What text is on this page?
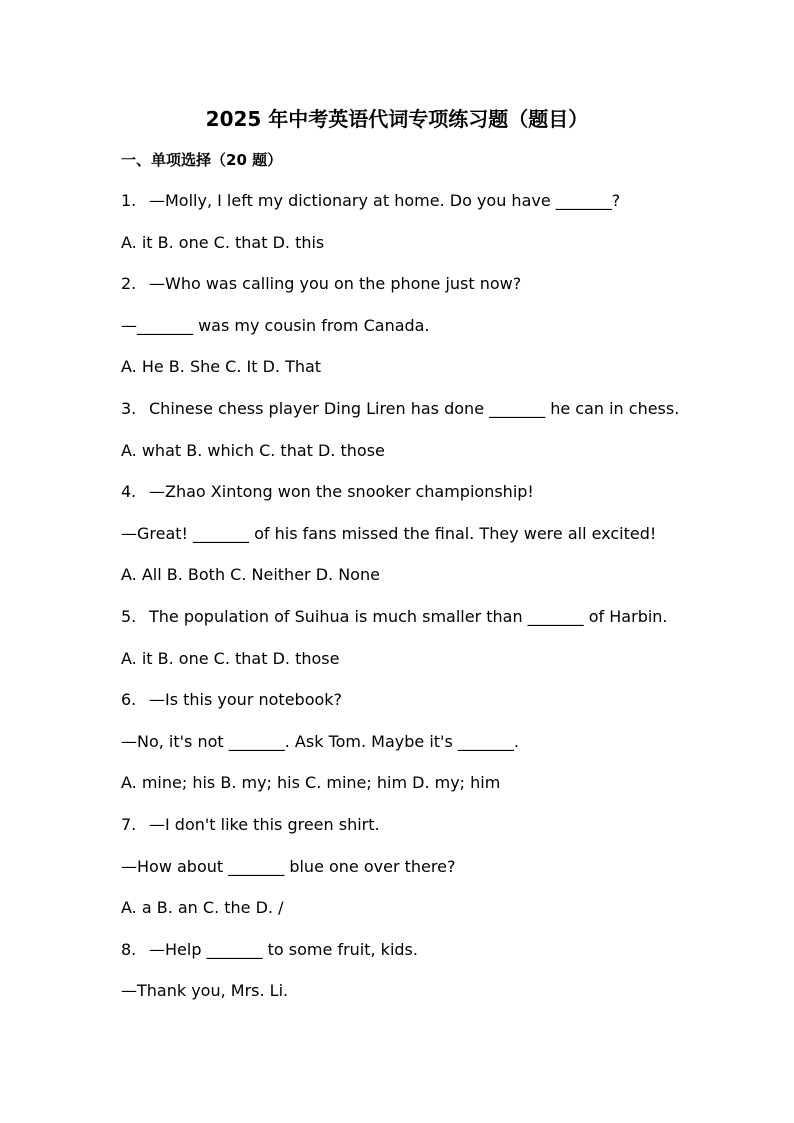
2025 年中考英语代词专项练习题（题目）
一、单项选择（20 题）
1. —Molly, I left my dictionary at home. Do you have _______?
A. it B. one C. that D. this
2. —Who was calling you on the phone just now?
—_______ was my cousin from Canada.
A. He B. She C. It D. That
3. Chinese chess player Ding Liren has done _______ he can in chess.
A. what B. which C. that D. those
4. —Zhao Xintong won the snooker championship!
—Great! _______ of his fans missed the final. They were all excited!
A. All B. Both C. Neither D. None
5. The population of Suihua is much smaller than _______ of Harbin.
A. it B. one C. that D. those
6. —Is this your notebook?
—No, it's not _______. Ask Tom. Maybe it's _______.
A. mine; his B. my; his C. mine; him D. my; him
7. —I don't like this green shirt.
—How about _______ blue one over there?
A. a B. an C. the D. /
8. —Help _______ to some fruit, kids.
—Thank you, Mrs. Li.
